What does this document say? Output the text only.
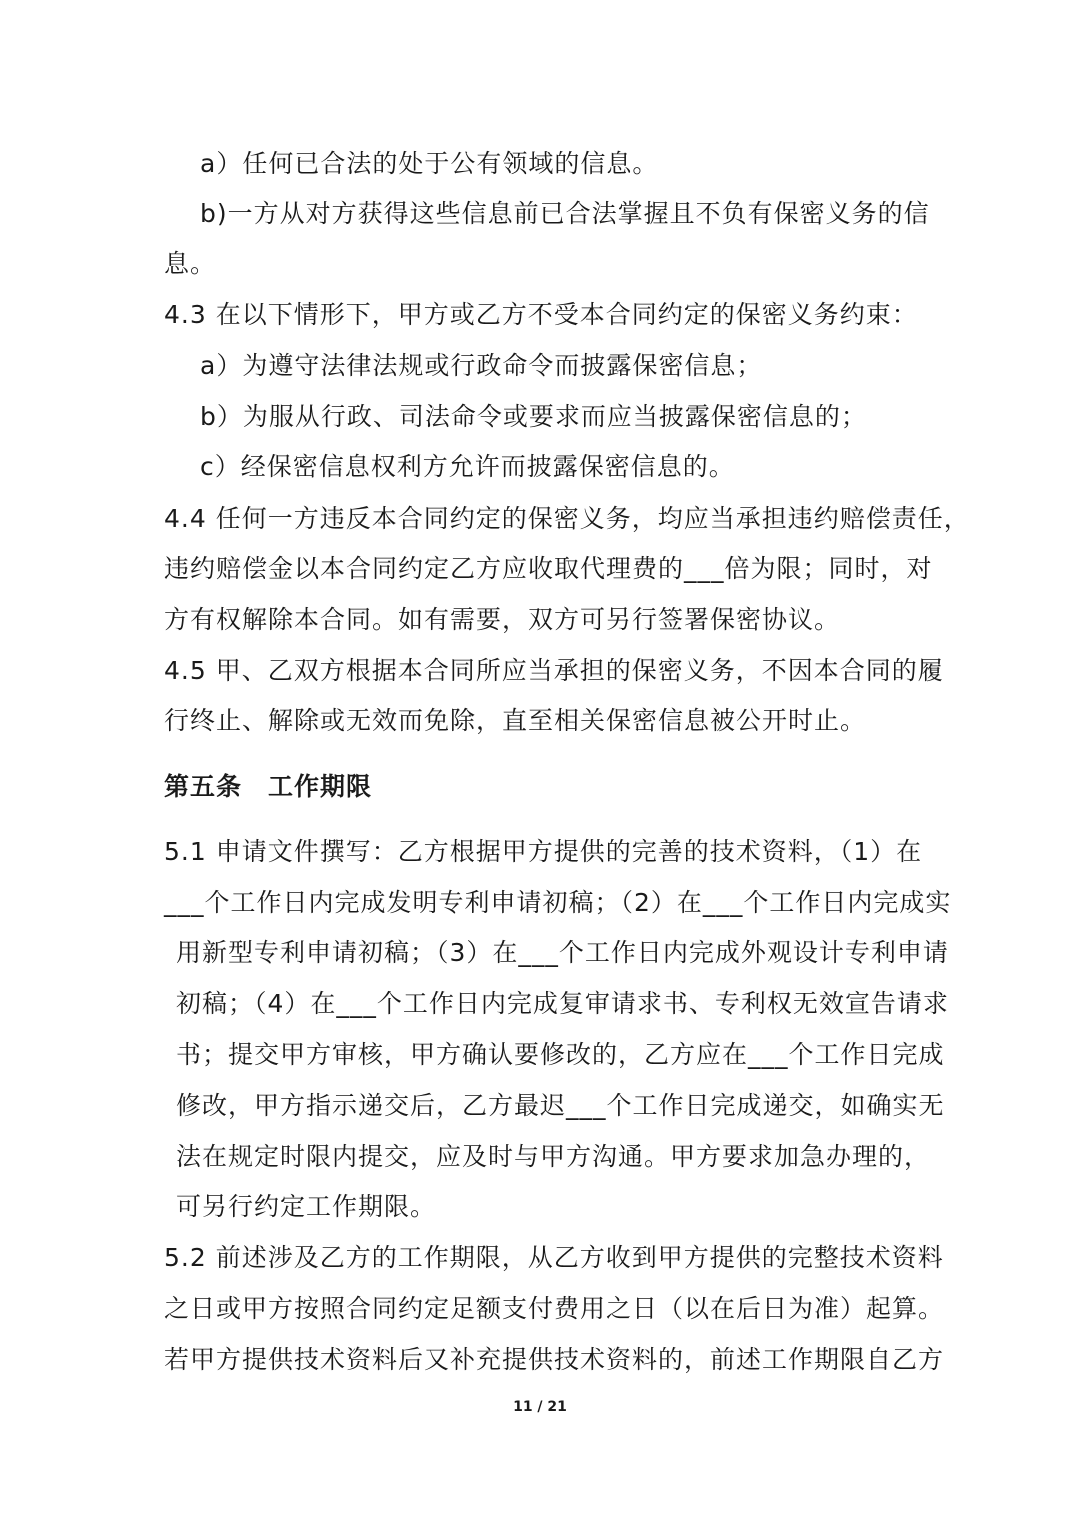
a）任何已合法的处于公有领域的信息。
b)一方从对方获得这些信息前已合法掌握且不负有保密义务的信
息。
4.3 在以下情形下，甲方或乙方不受本合同约定的保密义务约束：
a）为遵守法律法规或行政命令而披露保密信息；
b）为服从行政、司法命令或要求而应当披露保密信息的；
c）经保密信息权利方允许而披露保密信息的。
4.4 任何一方违反本合同约定的保密义务，均应当承担违约赔偿责任，
违约赔偿金以本合同约定乙方应收取代理费的___倍为限；同时，对
方有权解除本合同。如有需要，双方可另行签署保密协议。
4.5 甲、乙双方根据本合同所应当承担的保密义务，不因本合同的履
行终止、解除或无效而免除，直至相关保密信息被公开时止。
第五条　工作期限
5.1 申请文件撰写：乙方根据甲方提供的完善的技术资料，（1）在
___个工作日内完成发明专利申请初稿；（2）在___个工作日内完成实
用新型专利申请初稿；（3）在___个工作日内完成外观设计专利申请
初稿；（4）在___个工作日内完成复审请求书、专利权无效宣告请求
书；提交甲方审核，甲方确认要修改的，乙方应在___个工作日完成
修改，甲方指示递交后，乙方最迟___个工作日完成递交，如确实无
法在规定时限内提交，应及时与甲方沟通。甲方要求加急办理的，
可另行约定工作期限。
5.2 前述涉及乙方的工作期限，从乙方收到甲方提供的完整技术资料
之日或甲方按照合同约定足额支付费用之日（以在后日为准）起算。
若甲方提供技术资料后又补充提供技术资料的，前述工作期限自乙方
11 / 21
